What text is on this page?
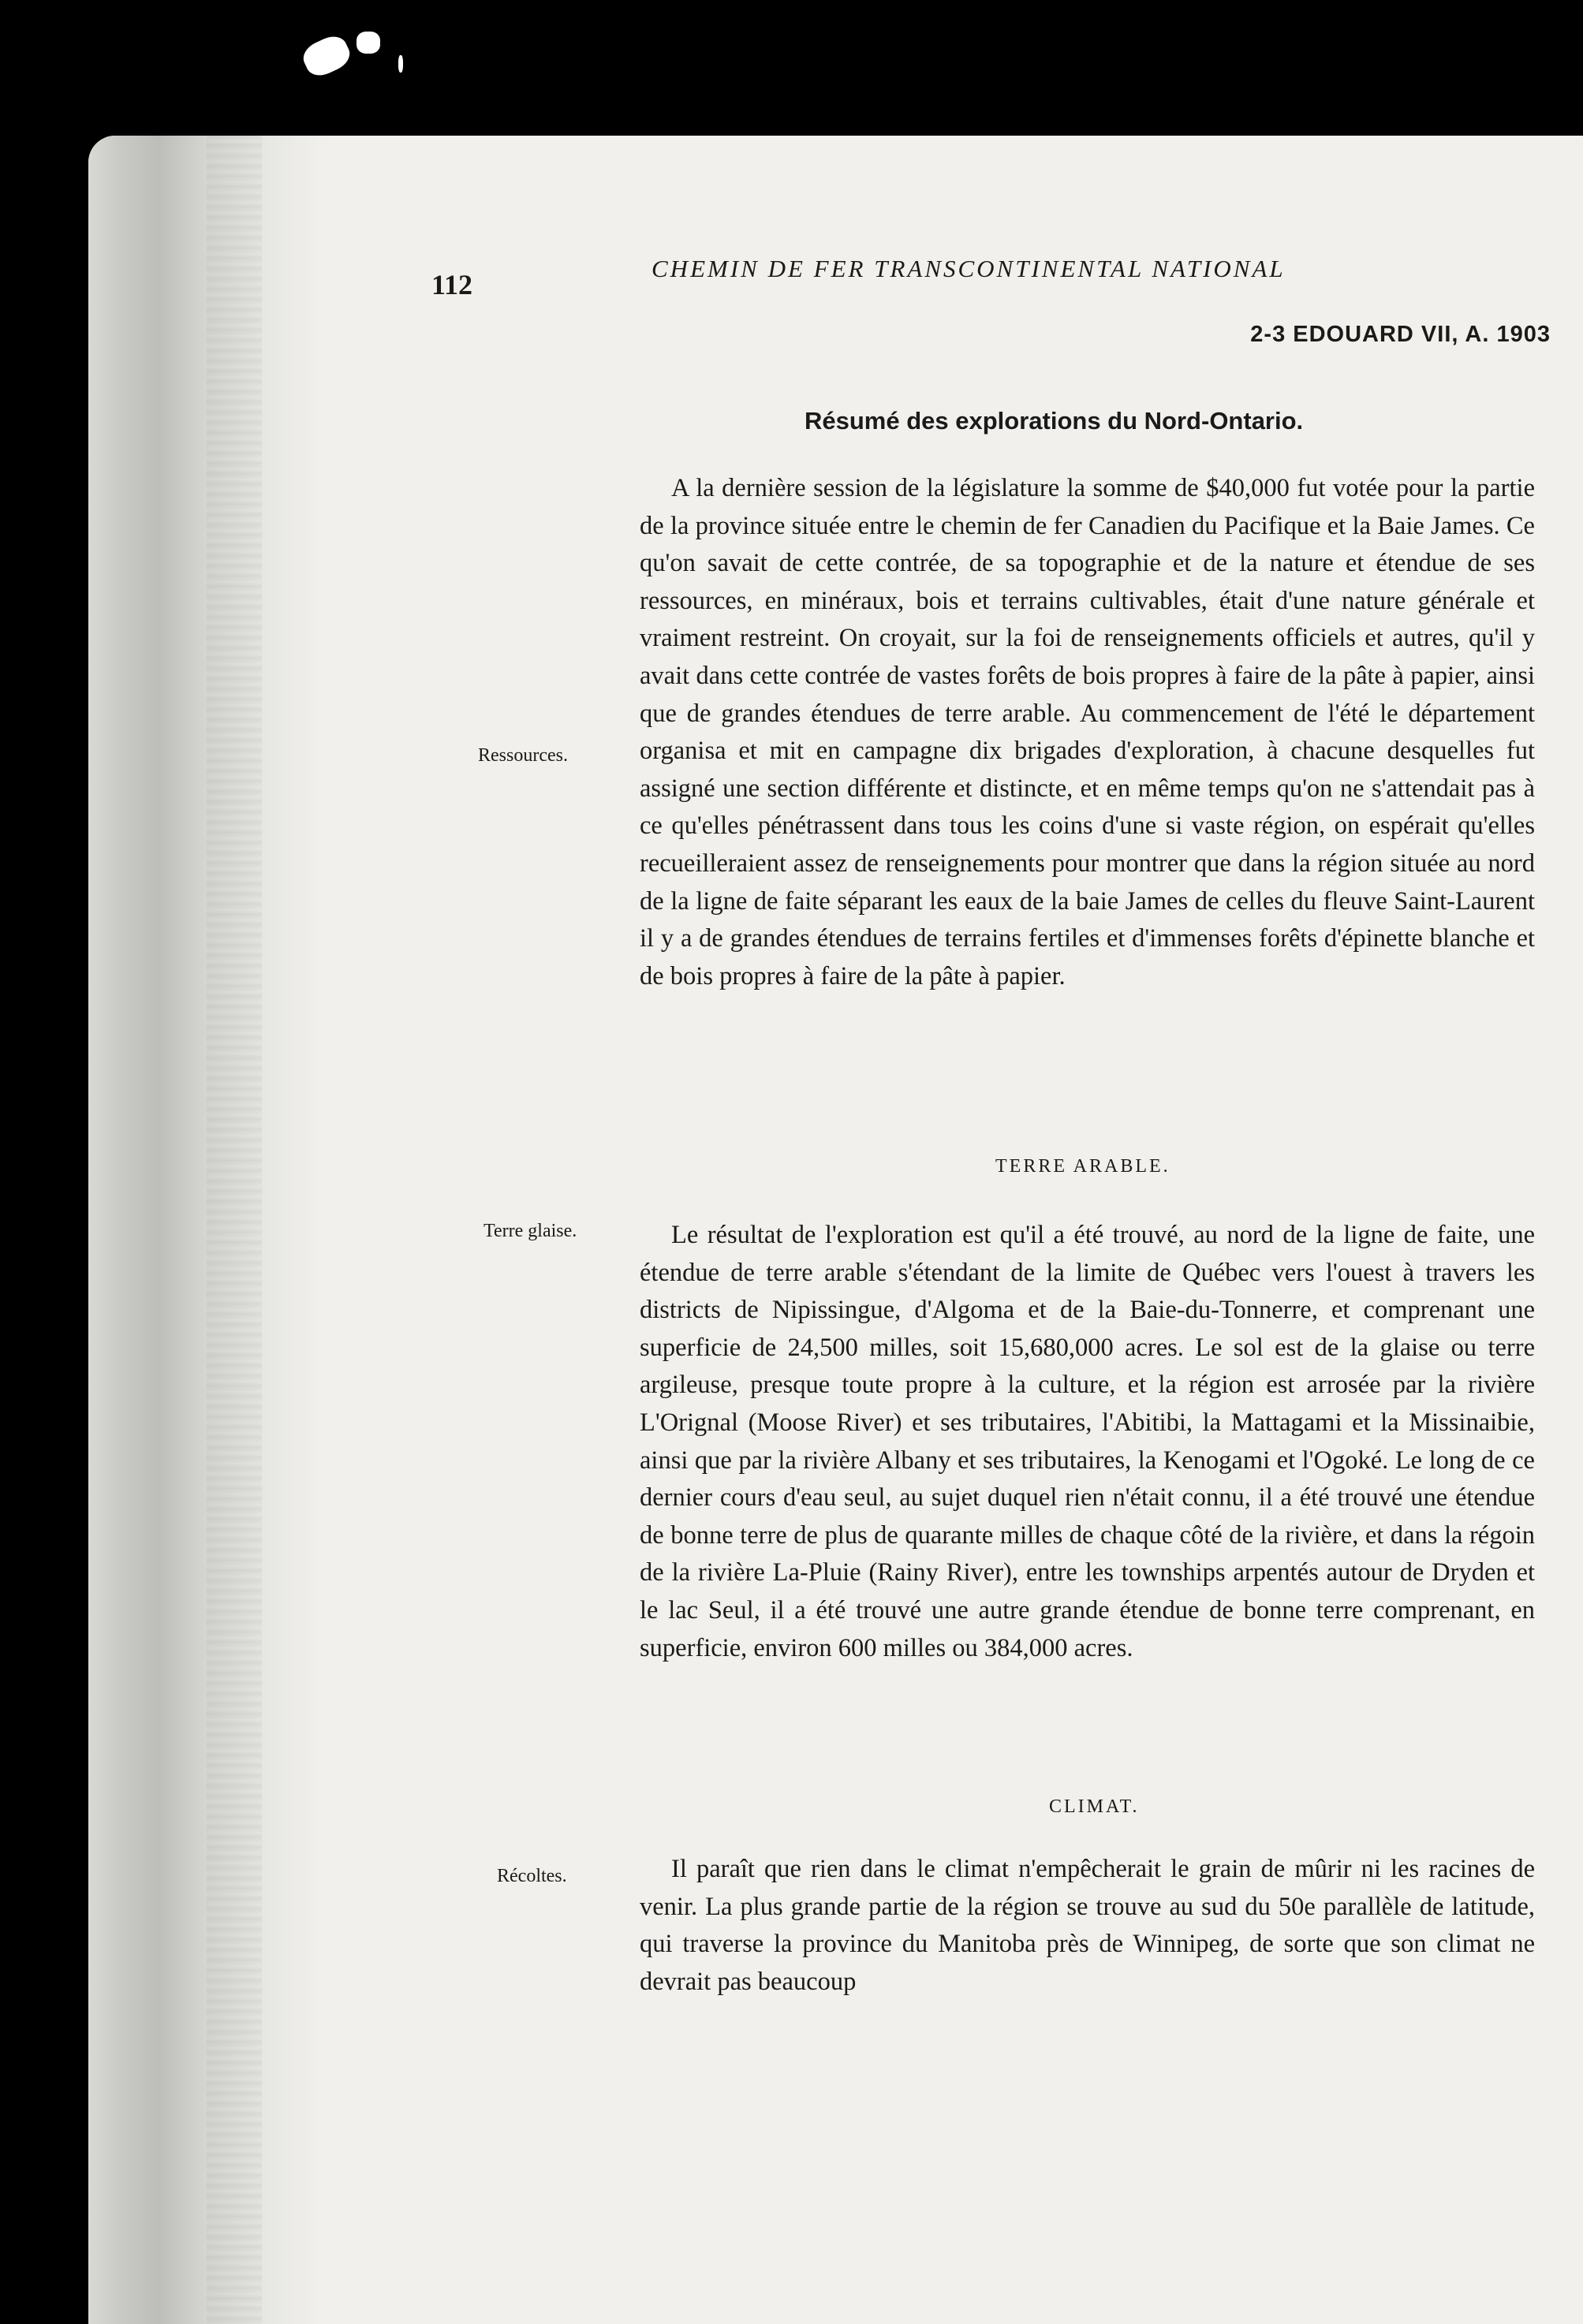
112
CHEMIN DE FER TRANSCONTINENTAL NATIONAL
2-3 EDOUARD VII, A. 1903
Résumé des explorations du Nord-Ontario.
Ressources.
A la dernière session de la législature la somme de $40,000 fut votée pour la partie de la province située entre le chemin de fer Canadien du Pacifique et la Baie James. Ce qu'on savait de cette contrée, de sa topographie et de la nature et étendue de ses ressources, en minéraux, bois et terrains cultivables, était d'une nature générale et vraiment restreint. On croyait, sur la foi de renseignements officiels et autres, qu'il y avait dans cette contrée de vastes forêts de bois propres à faire de la pâte à papier, ainsi que de grandes étendues de terre arable. Au commencement de l'été le département organisa et mit en campagne dix brigades d'exploration, à chacune desquelles fut assigné une section différente et distincte, et en même temps qu'on ne s'attendait pas à ce qu'elles pénétrassent dans tous les coins d'une si vaste région, on espérait qu'elles recueilleraient assez de renseignements pour montrer que dans la région située au nord de la ligne de faite séparant les eaux de la baie James de celles du fleuve Saint-Laurent il y a de grandes étendues de terrains fertiles et d'immenses forêts d'épinette blanche et de bois propres à faire de la pâte à papier.
TERRE ARABLE.
Terre glaise.	Le résultat de l'exploration est qu'il a été trouvé, au nord de la ligne de faite, une étendue de terre arable s'étendant de la limite de Québec vers l'ouest à travers les districts de Nipissingue, d'Algoma et de la Baie-du-Tonnerre, et comprenant une superficie de 24,500 milles, soit 15,680,000 acres. Le sol est de la glaise ou terre argileuse, presque toute propre à la culture, et la région est arrosée par la rivière L'Orignal (Moose River) et ses tributaires, l'Abitibi, la Mattagami et la Missinaibie, ainsi que par la rivière Albany et ses tributaires, la Kenogami et l'Ogoké. Le long de ce dernier cours d'eau seul, au sujet duquel rien n'était connu, il a été trouvé une étendue de bonne terre de plus de quarante milles de chaque côté de la rivière, et dans la régoin de la rivière La-Pluie (Rainy River), entre les townships arpentés autour de Dryden et le lac Seul, il a été trouvé une autre grande étendue de bonne terre comprenant, en superficie, environ 600 milles ou 384,000 acres.
CLIMAT.
Récoltes.	Il paraît que rien dans le climat n'empêcherait le grain de mûrir ni les racines de venir. La plus grande partie de la région se trouve au sud du 50e parallèle de latitude, qui traverse la province du Manitoba près de Winnipeg, de sorte que son climat ne devrait pas beaucoup
